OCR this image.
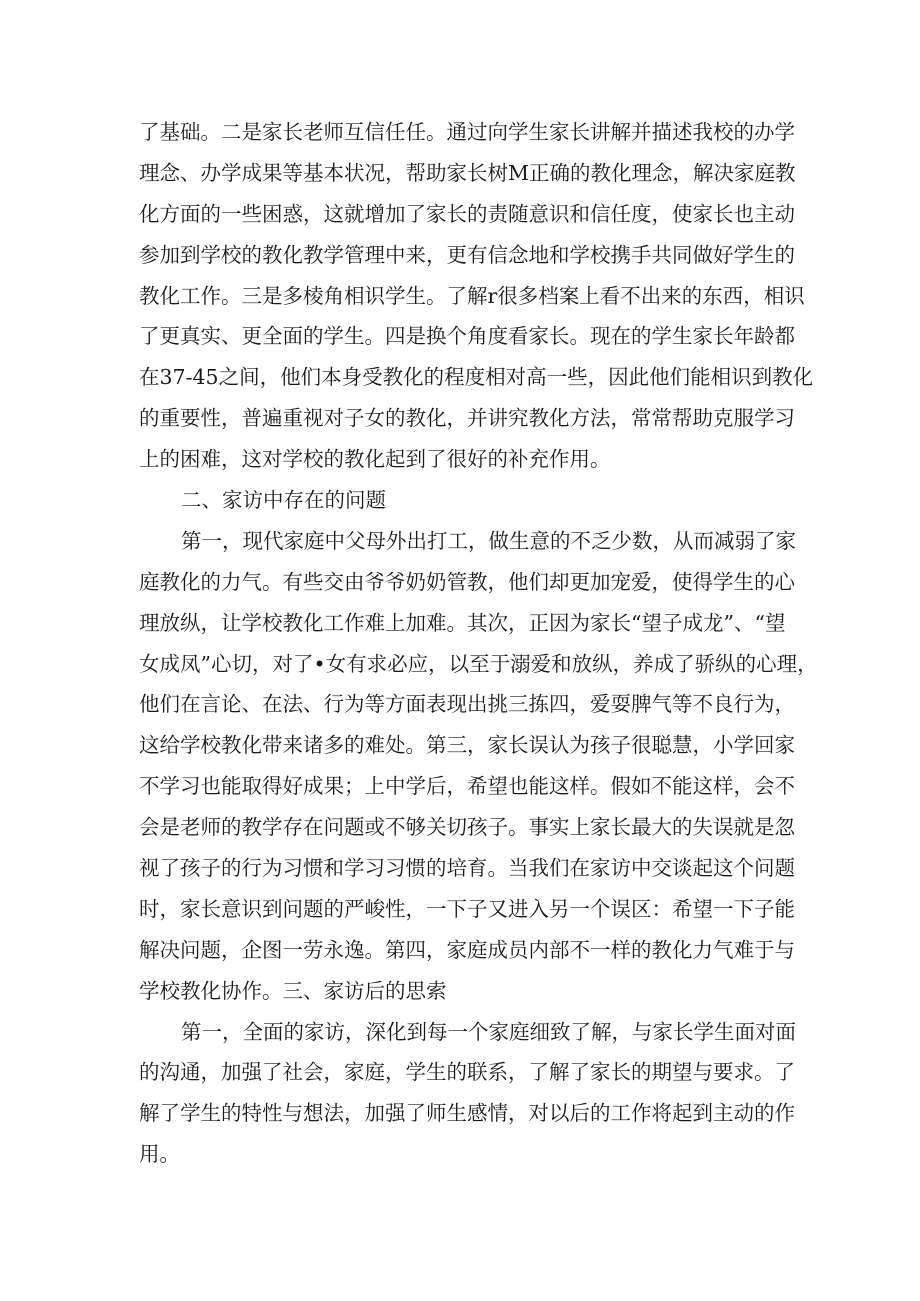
了基础。二是家长老师互信任任。通过向学生家长讲解并描述我校的办学
理念、办学成果等基本状况，帮助家长树M正确的教化理念，解决家庭教
化方面的一些困惑，这就增加了家长的责随意识和信任度，使家长也主动
参加到学校的教化教学管理中来，更有信念地和学校携手共同做好学生的
教化工作。三是多棱角相识学生。了解r很多档案上看不出来的东西，相识
了更真实、更全面的学生。四是换个角度看家长。现在的学生家长年龄都
在37-45之间，他们本身受教化的程度相对高一些，因此他们能相识到教化
的重要性，普遍重视对子女的教化，并讲究教化方法，常常帮助克服学习
上的困难，这对学校的教化起到了很好的补充作用。
二、家访中存在的问题
第一，现代家庭中父母外出打工，做生意的不乏少数，从而减弱了家
庭教化的力气。有些交由爷爷奶奶管教，他们却更加宠爱，使得学生的心
理放纵，让学校教化工作难上加难。其次，正因为家长“望子成龙”、“望
女成凤”心切，对了•女有求必应，以至于溺爱和放纵，养成了骄纵的心理，
他们在言论、在法、行为等方面表现出挑三拣四，爱耍脾气等不良行为，
这给学校教化带来诸多的难处。第三，家长误认为孩子很聪慧，小学回家
不学习也能取得好成果；上中学后，希望也能这样。假如不能这样，会不
会是老师的教学存在问题或不够关切孩子。事实上家长最大的失误就是忽
视了孩子的行为习惯和学习习惯的培育。当我们在家访中交谈起这个问题
时，家长意识到问题的严峻性，一下子又进入另一个误区：希望一下子能
解决问题，企图一劳永逸。第四，家庭成员内部不一样的教化力气难于与
学校教化协作。三、家访后的思索
第一，全面的家访，深化到每一个家庭细致了解，与家长学生面对面
的沟通，加强了社会，家庭，学生的联系，了解了家长的期望与要求。了
解了学生的特性与想法，加强了师生感情，对以后的工作将起到主动的作
用。
